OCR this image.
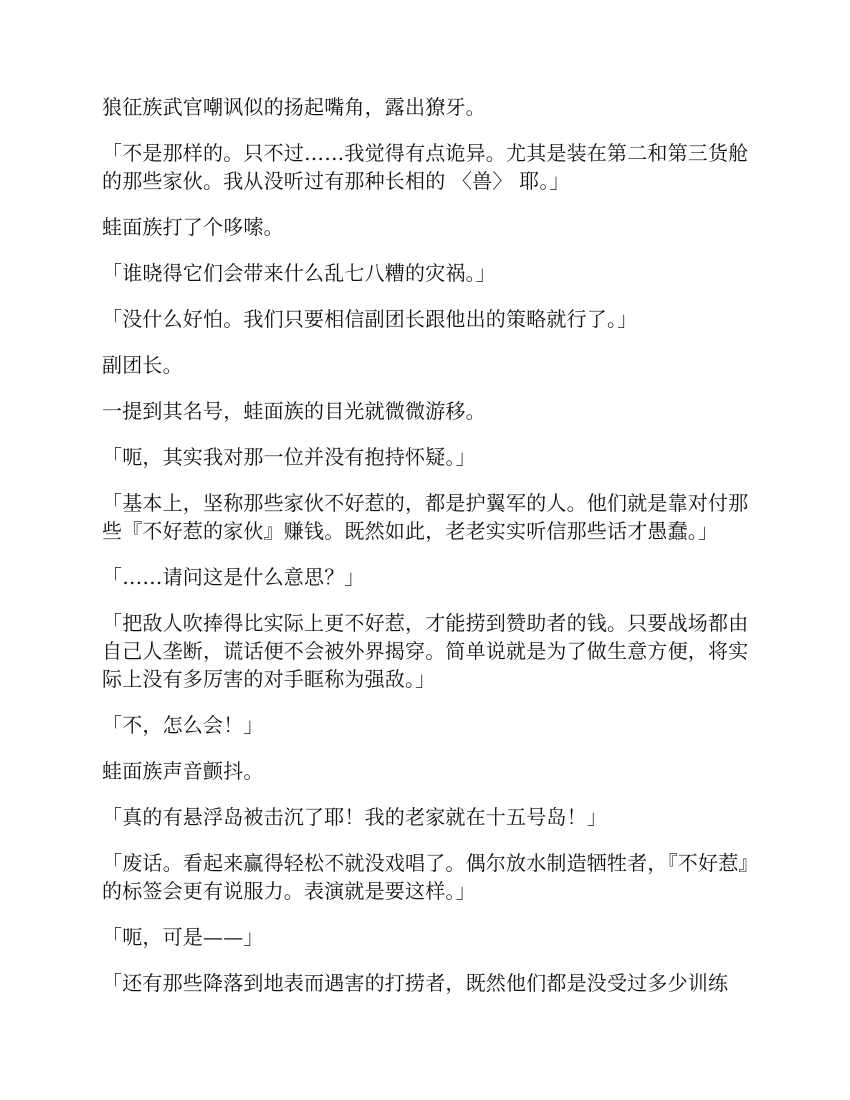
狼征族武官嘲讽似的扬起嘴角，露出獠牙。

「不是那样的。只不过……我觉得有点诡异。尤其是装在第二和第三货舱的那些家伙。我从没听过有那种长相的 〈兽〉 耶。」

蛙面族打了个哆嗦。

「谁晓得它们会带来什么乱七八糟的灾祸。」

「没什么好怕。我们只要相信副团长跟他出的策略就行了。」

副团长。

一提到其名号，蛙面族的目光就微微游移。

「呃，其实我对那一位并没有抱持怀疑。」

「基本上，坚称那些家伙不好惹的，都是护翼军的人。他们就是靠对付那些『不好惹的家伙』赚钱。既然如此，老老实实听信那些话才愚蠢。」

「……请问这是什么意思？」

「把敌人吹捧得比实际上更不好惹，才能捞到赞助者的钱。只要战场都由自己人垄断，谎话便不会被外界揭穿。简单说就是为了做生意方便，将实际上没有多厉害的对手眶称为强敌。」

「不，怎么会！」

蛙面族声音颤抖。

「真的有悬浮岛被击沉了耶！我的老家就在十五号岛！」

「废话。看起来赢得轻松不就没戏唱了。偶尔放水制造牺牲者，『不好惹』的标签会更有说服力。表演就是要这样。」

「呃，可是——」

「还有那些降落到地表而遇害的打捞者，既然他们都是没受过多少训练
